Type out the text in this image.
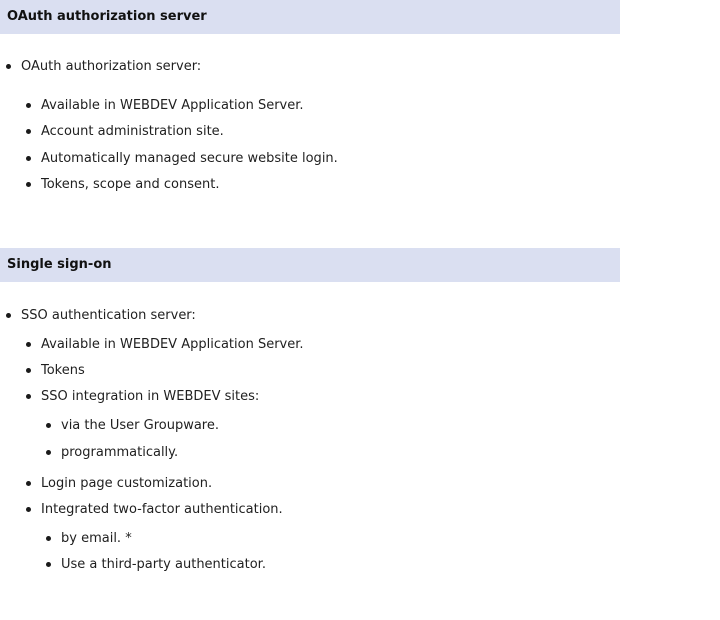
OAuth authorization server
OAuth authorization server:
Available in WEBDEV Application Server.
Account administration site.
Automatically managed secure website login.
Tokens, scope and consent.
Single sign-on
SSO authentication server:
Available in WEBDEV Application Server.
Tokens
SSO integration in WEBDEV sites:
via the User Groupware.
programmatically.
Login page customization.
Integrated two-factor authentication.
by email. *
Use a third-party authenticator.
